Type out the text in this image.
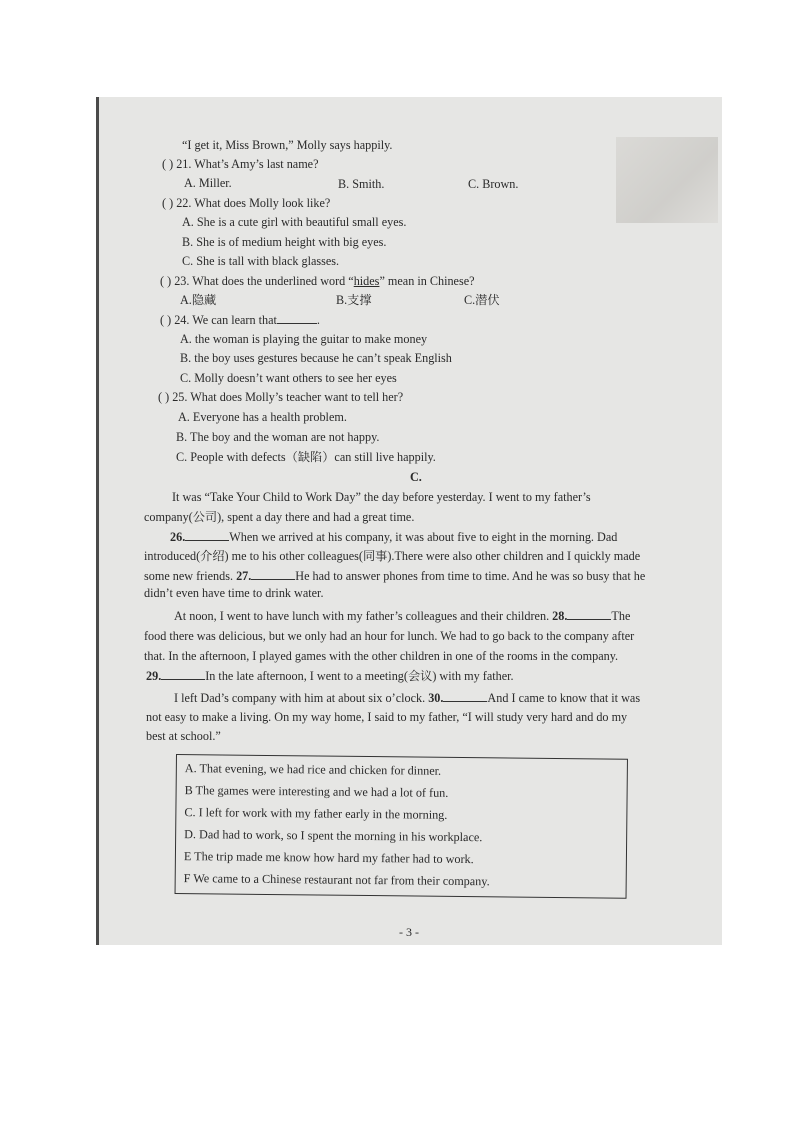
“I get it, Miss Brown,” Molly says happily.
( ) 21. What’s Amy’s last name?
A. Miller.	B. Smith.	C. Brown.
( ) 22. What does Molly look like?
A. She is a cute girl with beautiful small eyes.
B. She is of medium height with big eyes.
C. She is tall with black glasses.
( ) 23. What does the underlined word “hides” mean in Chinese?
A.隐藏	B.支撑	C.潜伏
( ) 24. We can learn that	.
A. the woman is playing the guitar to make money
B. the boy uses gestures because he can’t speak English
C. Molly doesn’t want others to see her eyes
( ) 25. What does Molly’s teacher want to tell her?
A. Everyone has a health problem.
B. The boy and the woman are not happy.
C. People with defects（缺陷）can still live happily.
C.
It was “Take Your Child to Work Day” the day before yesterday. I went to my father’s
company(公司), spent a day there and had a great time.
26.	When we arrived at his company, it was about five to eight in the morning. Dad
introduced(介绍) me to his other colleagues(同事).There were also other children and I quickly made
some new friends. 27.	He had to answer phones from time to time. And he was so busy that he
didn’t even have time to drink water.
At noon, I went to have lunch with my father’s colleagues and their children. 28.	The
food there was delicious, but we only had an hour for lunch. We had to go back to the company after
that. In the afternoon, I played games with the other children in one of the rooms in the company.
29.	In the late afternoon, I went to a meeting(会议) with my father.
I left Dad’s company with him at about six o’clock. 30.	And I came to know that it was
not easy to make a living. On my way home, I said to my father, “I will study very hard and do my
best at school.”
A. That evening, we had rice and chicken for dinner.
B The games were interesting and we had a lot of fun.
C. I left for work with my father early in the morning.
D. Dad had to work, so I spent the morning in his workplace.
E The trip made me know how hard my father had to work.
F We came to a Chinese restaurant not far from their company.
- 3 -
